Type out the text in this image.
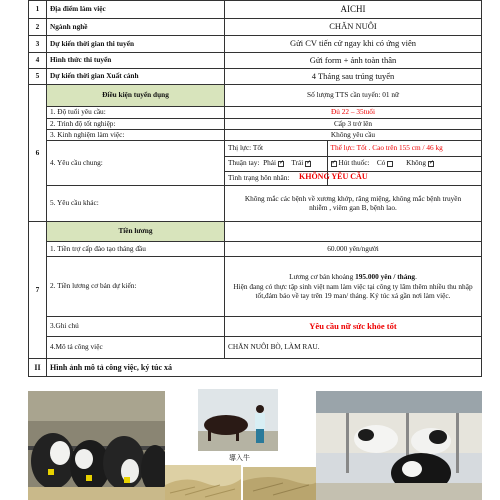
1	Địa điểm làm việc	AICHI
2	Ngành nghề	CHĂN NUÔI
3	Dự kiến thời gian thi tuyển	Gửi CV tiến cử ngay khi có ứng viên
4	Hình thức thi tuyển	Gửi form + ảnh toàn thân
5	Dự kiến thời gian Xuất cảnh	4 Tháng sau trúng tuyển
6	Điều kiện tuyển dụng	Số lượng TTS cần tuyển: 01 nữ
1. Độ tuổi yêu cầu:	Đủ 22 – 35tuổi
2. Trình độ tốt nghiệp:	Cấp 3 trở lên
3. Kinh nghiệm làm việc:	Không yêu cầu
4. Yêu cầu chung:	
Thị lực: Tốt	Thể lực: Tốt . Cao trên 155 cm / 46 kg
Thuận tay: Phải✓ Trái✓	✓Hút thuốc: Có	Không✓
Tình trạng hôn nhân:	KHÔNG YÊU CẦU

5. Yêu cầu khác:	Không mắc các bệnh về xương khớp, răng miệng, không mắc bệnh truyền nhiễm , viêm gan B, bệnh lao.
7	Tiền lương	
1. Tiền trợ cấp đào tạo tháng đầu	60.000 yên/người
2. Tiền lương cơ bản dự kiến:	
Lương cơ bản khoảng 195.000 yên / tháng.
Hiện đang có thực tập sinh việt nam làm việc tại công ty lâm thêm nhiều thu nhập tốt,đảm bảo về tay trên 19 man/ tháng. Ký túc xá gần nơi làm việc.

3.Ghi chú	Yêu cầu nữ sức khỏe tốt
4.Mô tả công việc	CHĂN NUÔI BÒ, LÀM RAU.
II	Hình ảnh mô tả công việc, ký túc xá
導入牛
